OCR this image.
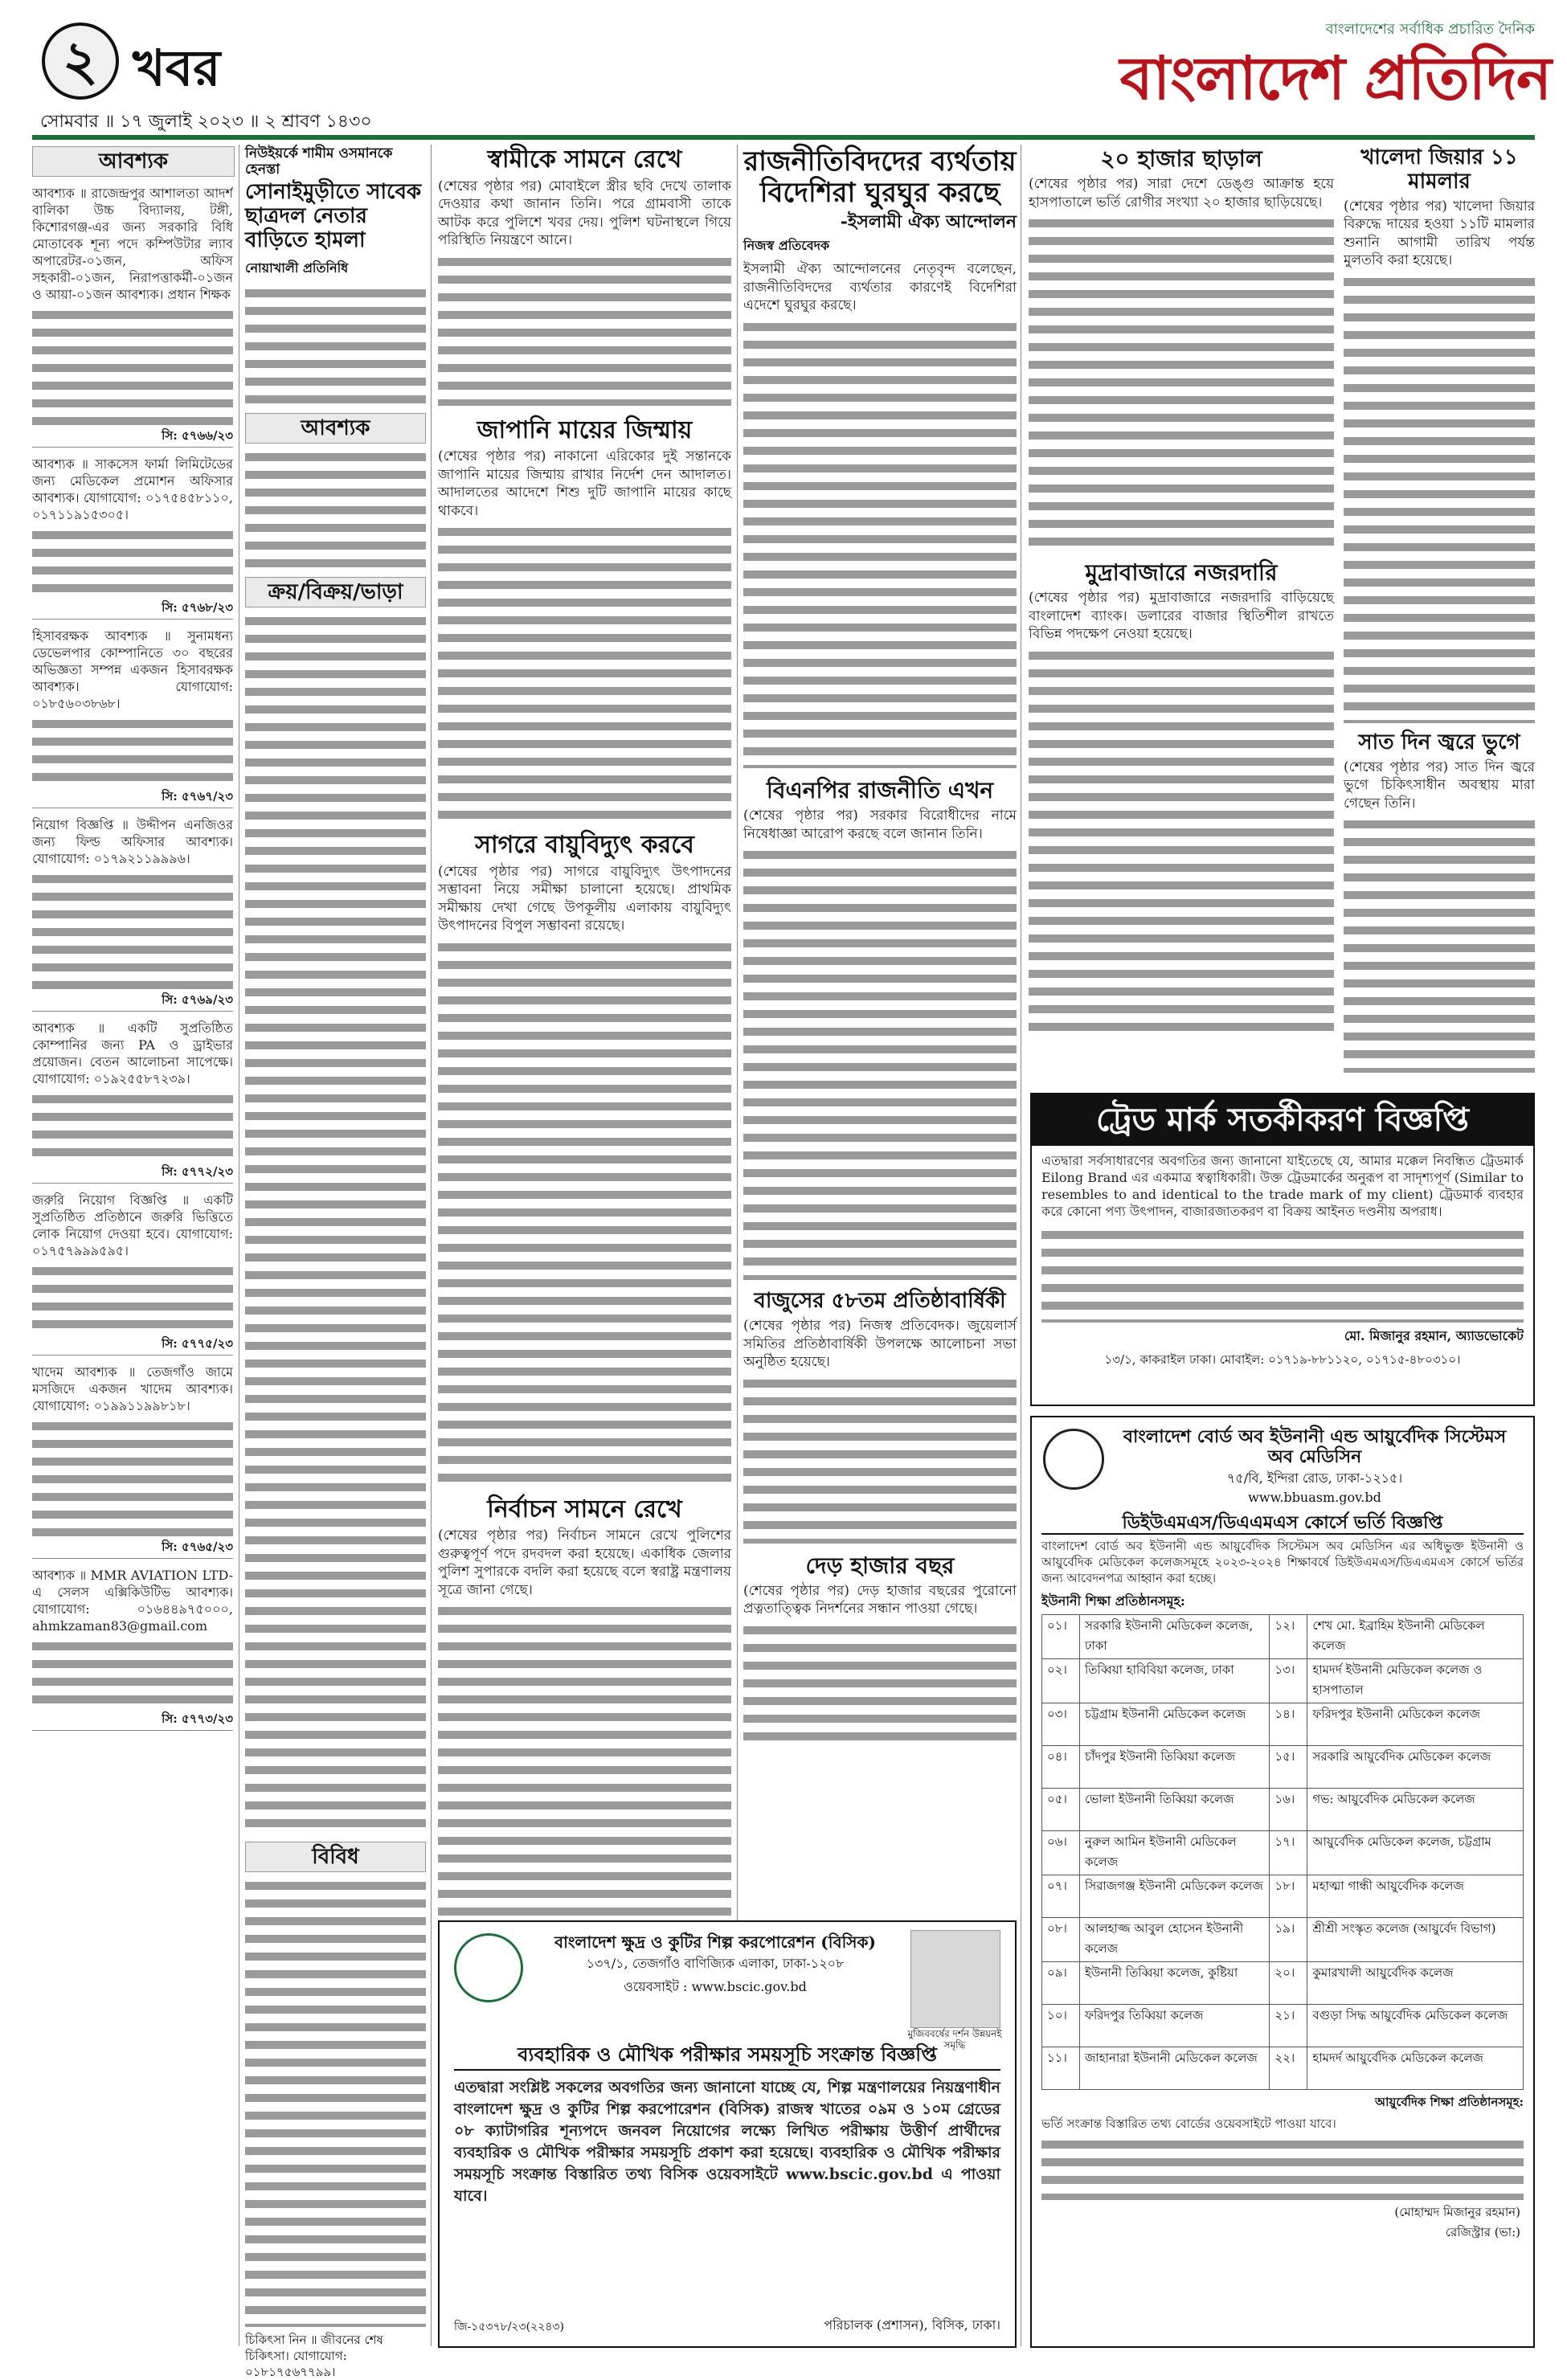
২ খবর
সোমবার ॥ ১৭ জুলাই ২০২৩ ॥ ২ শ্রাবণ ১৪৩০
বাংলাদেশের সর্বাধিক প্রচারিত দৈনিক
বাংলাদেশ প্রতিদিন
আবশ্যক
আবশ্যক ॥ রাজেন্দ্রপুর আশালতা আদর্শ বালিকা উচ্চ বিদ্যালয়, টঙ্গী, কিশোরগঞ্জ-এর জন্য সরকারি বিধি মোতাবেক শূন্য পদে কম্পিউটার ল্যাব অপারেটর-০১জন, অফিস সহকারী-০১জন, নিরাপত্তাকর্মী-০১জন ও আয়া-০১জন আবশ্যক। প্রধান শিক্ষক
সি: ৫৭৬৬/২৩
আবশ্যক ॥ সাকসেস ফার্মা লিমিটেডের জন্য মেডিকেল প্রমোশন অফিসার আবশ্যক। যোগাযোগ: ০১৭৫৪৫৮১১০, ০১৭১১৯১৫৩০৫।
সি: ৫৭৬৮/২৩
হিসাবরক্ষক আবশ্যক ॥ সুনামধন্য ডেভেলপার কোম্পানিতে ৩০ বছরের অভিজ্ঞতা সম্পন্ন একজন হিসাবরক্ষক আবশ্যক। যোগাযোগ: ০১৮৫৬০৩৮৬৮।
সি: ৫৭৬৭/২৩
নিয়োগ বিজ্ঞপ্তি ॥ উদ্দীপন এনজিওর জন্য ফিল্ড অফিসার আবশ্যক। যোগাযোগ: ০১৭৯২১১৯৯৯৬।
সি: ৫৭৬৯/২৩
আবশ্যক ॥ একটি সুপ্রতিষ্ঠিত কোম্পানির জন্য PA ও ড্রাইভার প্রয়োজন। বেতন আলোচনা সাপেক্ষে। যোগাযোগ: ০১৯২৫৫৮৭২৩৯।
সি: ৫৭৭২/২৩
জরুরি নিয়োগ বিজ্ঞপ্তি ॥ একটি সুপ্রতিষ্ঠিত প্রতিষ্ঠানে জরুরি ভিত্তিতে লোক নিয়োগ দেওয়া হবে। যোগাযোগ: ০১৭৫৭৯৯৯৫৯৫।
সি: ৫৭৭৫/২৩
খাদেম আবশ্যক ॥ তেজগাঁও জামে মসজিদে একজন খাদেম আবশ্যক। যোগাযোগ: ০১৯৯১১৯৯৮১৮।
সি: ৫৭৬৫/২৩
আবশ্যক ॥ MMR AVIATION LTD-এ সেলস এক্সিকিউটিভ আবশ্যক। যোগাযোগ: ০১৬৪৪৯৭৫০০০, ahmkzaman83@gmail.com
সি: ৫৭৭৩/২৩
নিউইয়র্কে শামীম ওসমানকে হেনস্তা
সোনাইমুড়ীতে সাবেক ছাত্রদল নেতার বাড়িতে হামলা
নোয়াখালী প্রতিনিধি
আবশ্যক
ক্রয়/বিক্রয়/ভাড়া
বিবিধ
চিকিৎসা নিন ॥ জীবনের শেষ চিকিৎসা। যোগাযোগ: ০১৮১৭৫৬৭৭৯৯।
স্বামীকে সামনে রেখে
(শেষের পৃষ্ঠার পর) মোবাইলে স্ত্রীর ছবি দেখে তালাক দেওয়ার কথা জানান তিনি। পরে গ্রামবাসী তাকে আটক করে পুলিশে খবর দেয়। পুলিশ ঘটনাস্থলে গিয়ে পরিস্থিতি নিয়ন্ত্রণে আনে।
জাপানি মায়ের জিম্মায়
(শেষের পৃষ্ঠার পর) নাকানো এরিকোর দুই সন্তানকে জাপানি মায়ের জিম্মায় রাখার নির্দেশ দেন আদালত। আদালতের আদেশে শিশু দুটি জাপানি মায়ের কাছে থাকবে।
সাগরে বায়ুবিদ্যুৎ করবে
(শেষের পৃষ্ঠার পর) সাগরে বায়ুবিদ্যুৎ উৎপাদনের সম্ভাবনা নিয়ে সমীক্ষা চালানো হয়েছে। প্রাথমিক সমীক্ষায় দেখা গেছে উপকূলীয় এলাকায় বায়ুবিদ্যুৎ উৎপাদনের বিপুল সম্ভাবনা রয়েছে।
নির্বাচন সামনে রেখে
(শেষের পৃষ্ঠার পর) নির্বাচন সামনে রেখে পুলিশের গুরুত্বপূর্ণ পদে রদবদল করা হয়েছে। একাধিক জেলার পুলিশ সুপারকে বদলি করা হয়েছে বলে স্বরাষ্ট্র মন্ত্রণালয় সূত্রে জানা গেছে।
রাজনীতিবিদদের ব্যর্থতায় বিদেশিরা ঘুরঘুর করছে
-ইসলামী ঐক্য আন্দোলন
নিজস্ব প্রতিবেদক
ইসলামী ঐক্য আন্দোলনের নেতৃবৃন্দ বলেছেন, রাজনীতিবিদদের ব্যর্থতার কারণেই বিদেশিরা এদেশে ঘুরঘুর করছে।
বিএনপির রাজনীতি এখন
(শেষের পৃষ্ঠার পর) সরকার বিরোধীদের নামে নিষেধাজ্ঞা আরোপ করছে বলে জানান তিনি।
বাজুসের ৫৮তম প্রতিষ্ঠাবার্ষিকী
(শেষের পৃষ্ঠার পর) নিজস্ব প্রতিবেদক। জুয়েলার্স সমিতির প্রতিষ্ঠাবার্ষিকী উপলক্ষে আলোচনা সভা অনুষ্ঠিত হয়েছে।
দেড় হাজার বছর
(শেষের পৃষ্ঠার পর) দেড় হাজার বছরের পুরোনো প্রত্নতাত্ত্বিক নিদর্শনের সন্ধান পাওয়া গেছে।
২০ হাজার ছাড়াল
(শেষের পৃষ্ঠার পর) সারা দেশে ডেঙ্গু আক্রান্ত হয়ে হাসপাতালে ভর্তি রোগীর সংখ্যা ২০ হাজার ছাড়িয়েছে।
মুদ্রাবাজারে নজরদারি
(শেষের পৃষ্ঠার পর) মুদ্রাবাজারে নজরদারি বাড়িয়েছে বাংলাদেশ ব্যাংক। ডলারের বাজার স্থিতিশীল রাখতে বিভিন্ন পদক্ষেপ নেওয়া হয়েছে।
খালেদা জিয়ার ১১ মামলার
(শেষের পৃষ্ঠার পর) খালেদা জিয়ার বিরুদ্ধে দায়ের হওয়া ১১টি মামলার শুনানি আগামী তারিখ পর্যন্ত মুলতবি করা হয়েছে।
সাত দিন জ্বরে ভুগে
(শেষের পৃষ্ঠার পর) সাত দিন জ্বরে ভুগে চিকিৎসাধীন অবস্থায় মারা গেছেন তিনি।
ট্রেড মার্ক সতর্কীকরণ বিজ্ঞপ্তি
এতদ্বারা সর্বসাধারণের অবগতির জন্য জানানো যাইতেছে যে, আমার মক্কেল নিবন্ধিত ট্রেডমার্ক Eilong Brand এর একমাত্র স্বত্বাধিকারী। উক্ত ট্রেডমার্কের অনুরূপ বা সাদৃশ্যপূর্ণ (Similar to resembles to and identical to the trade mark of my client) ট্রেডমার্ক ব্যবহার করে কোনো পণ্য উৎপাদন, বাজারজাতকরণ বা বিক্রয় আইনত দণ্ডনীয় অপরাধ।
মো. মিজানুর রহমান, অ্যাডভোকেট
১৩/১, কাকরাইল ঢাকা। মোবাইল: ০১৭১৯-৮৮১১২০, ০১৭১৫-৪৮০৩১০।
বাংলাদেশ বোর্ড অব ইউনানী এন্ড আয়ুর্বেদিক সিস্টেমস অব মেডিসিন
৭৫/বি, ইন্দিরা রোড, ঢাকা-১২১৫।
www.bbuasm.gov.bd
ডিইউএমএস/ডিএএমএস কোর্সে ভর্তি বিজ্ঞপ্তি
বাংলাদেশ বোর্ড অব ইউনানী এন্ড আয়ুর্বেদিক সিস্টেমস অব মেডিসিন এর অধিভুক্ত ইউনানী ও আয়ুর্বেদিক মেডিকেল কলেজসমূহে ২০২৩-২০২৪ শিক্ষাবর্ষে ডিইউএমএস/ডিএএমএস কোর্সে ভর্তির জন্য আবেদনপত্র আহ্বান করা হচ্ছে।
ইউনানী শিক্ষা প্রতিষ্ঠানসমূহ:
০১।	সরকারি ইউনানী মেডিকেল কলেজ, ঢাকা	১২।	শেখ মো. ইব্রাহিম ইউনানী মেডিকেল কলেজ
০২।	তিব্বিয়া হাবিবিয়া কলেজ, ঢাকা	১৩।	হামদর্দ ইউনানী মেডিকেল কলেজ ও হাসপাতাল
০৩।	চট্টগ্রাম ইউনানী মেডিকেল কলেজ	১৪।	ফরিদপুর ইউনানী মেডিকেল কলেজ
০৪।	চাঁদপুর ইউনানী তিব্বিয়া কলেজ	১৫।	সরকারি আয়ুর্বেদিক মেডিকেল কলেজ
০৫।	ভোলা ইউনানী তিব্বিয়া কলেজ	১৬।	গভ: আয়ুর্বেদিক মেডিকেল কলেজ
০৬।	নুরুল আমিন ইউনানী মেডিকেল কলেজ	১৭।	আয়ুর্বেদিক মেডিকেল কলেজ, চট্টগ্রাম
০৭।	সিরাজগঞ্জ ইউনানী মেডিকেল কলেজ	১৮।	মহাত্মা গান্ধী আয়ুর্বেদিক কলেজ
০৮।	আলহাজ্জ আবুল হোসেন ইউনানী কলেজ	১৯।	শ্রীশ্রী সংস্কৃত কলেজ (আয়ুর্বেদ বিভাগ)
০৯।	ইউনানী তিব্বিয়া কলেজ, কুষ্টিয়া	২০।	কুমারখালী আয়ুর্বেদিক কলেজ
১০।	ফরিদপুর তিব্বিয়া কলেজ	২১।	বগুড়া সিদ্ধ আয়ুর্বেদিক মেডিকেল কলেজ
১১।	জাহানারা ইউনানী মেডিকেল কলেজ	২২।	হামদর্দ আয়ুর্বেদিক মেডিকেল কলেজ
আয়ুর্বেদিক শিক্ষা প্রতিষ্ঠানসমূহ:
ভর্তি সংক্রান্ত বিস্তারিত তথ্য বোর্ডের ওয়েবসাইটে পাওয়া যাবে।
(মোহাম্মদ মিজানুর রহমান)
রেজিস্ট্রার (ভা:)
মুজিববর্ষের দর্শন উন্নয়নই সমৃদ্ধি
বাংলাদেশ ক্ষুদ্র ও কুটির শিল্প করপোরেশন (বিসিক)
১৩৭/১, তেজগাঁও বাণিজ্যিক এলাকা, ঢাকা-১২০৮
ওয়েবসাইট : www.bscic.gov.bd
ব্যবহারিক ও মৌখিক পরীক্ষার সময়সূচি সংক্রান্ত বিজ্ঞপ্তি
এতদ্বারা সংশ্লিষ্ট সকলের অবগতির জন্য জানানো যাচ্ছে যে, শিল্প মন্ত্রণালয়ের নিয়ন্ত্রণাধীন বাংলাদেশ ক্ষুদ্র ও কুটির শিল্প করপোরেশন (বিসিক) রাজস্ব খাতের ০৯ম ও ১০ম গ্রেডের ০৮ ক্যাটাগরির শূন্যপদে জনবল নিয়োগের লক্ষ্যে লিখিত পরীক্ষায় উত্তীর্ণ প্রার্থীদের ব্যবহারিক ও মৌখিক পরীক্ষার সময়সূচি প্রকাশ করা হয়েছে। ব্যবহারিক ও মৌখিক পরীক্ষার সময়সূচি সংক্রান্ত বিস্তারিত তথ্য বিসিক ওয়েবসাইটে www.bscic.gov.bd এ পাওয়া যাবে।
জি-১৫৩৭৮/২৩(২২৪৩)	পরিচালক (প্রশাসন), বিসিক, ঢাকা।
